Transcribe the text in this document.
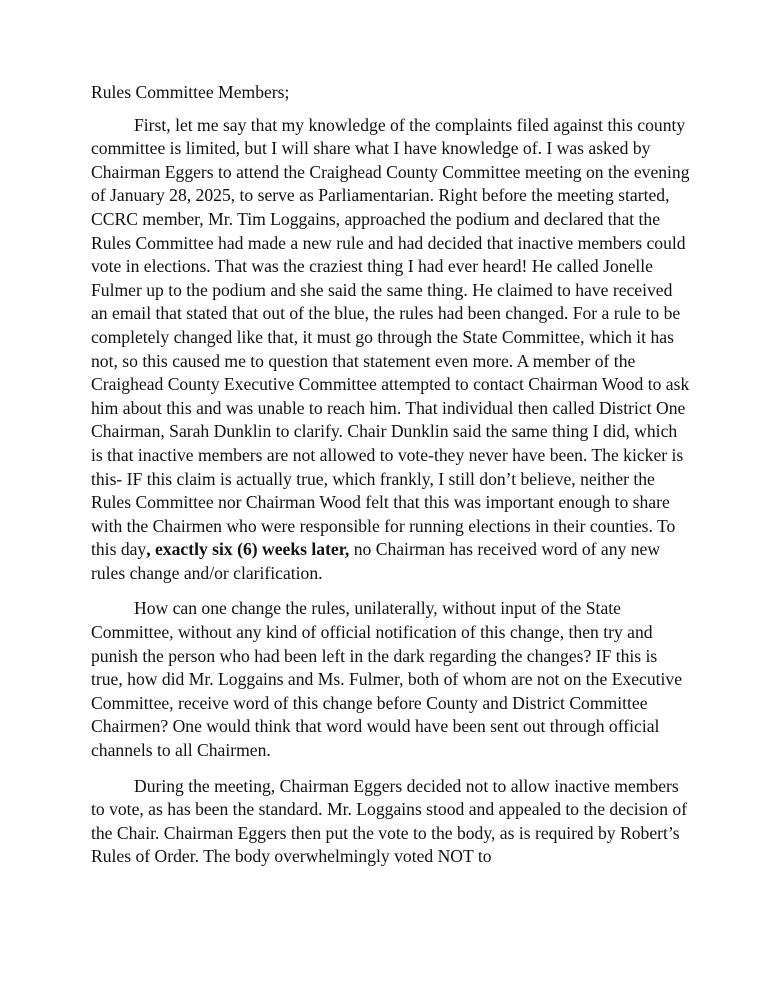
Rules Committee Members;

First, let me say that my knowledge of the complaints filed against this county committee is limited, but I will share what I have knowledge of. I was asked by Chairman Eggers to attend the Craighead County Committee meeting on the evening of January 28, 2025, to serve as Parliamentarian. Right before the meeting started, CCRC member, Mr. Tim Loggains, approached the podium and declared that the Rules Committee had made a new rule and had decided that inactive members could vote in elections. That was the craziest thing I had ever heard! He called Jonelle Fulmer up to the podium and she said the same thing. He claimed to have received an email that stated that out of the blue, the rules had been changed. For a rule to be completely changed like that, it must go through the State Committee, which it has not, so this caused me to question that statement even more. A member of the Craighead County Executive Committee attempted to contact Chairman Wood to ask him about this and was unable to reach him. That individual then called District One Chairman, Sarah Dunklin to clarify. Chair Dunklin said the same thing I did, which is that inactive members are not allowed to vote-they never have been. The kicker is this- IF this claim is actually true, which frankly, I still don’t believe, neither the Rules Committee nor Chairman Wood felt that this was important enough to share with the Chairmen who were responsible for running elections in their counties. To this day, exactly six (6) weeks later, no Chairman has received word of any new rules change and/or clarification.

How can one change the rules, unilaterally, without input of the State Committee, without any kind of official notification of this change, then try and punish the person who had been left in the dark regarding the changes? IF this is true, how did Mr. Loggains and Ms. Fulmer, both of whom are not on the Executive Committee, receive word of this change before County and District Committee Chairmen? One would think that word would have been sent out through official channels to all Chairmen.

During the meeting, Chairman Eggers decided not to allow inactive members to vote, as has been the standard. Mr. Loggains stood and appealed to the decision of the Chair. Chairman Eggers then put the vote to the body, as is required by Robert’s Rules of Order. The body overwhelmingly voted NOT to
